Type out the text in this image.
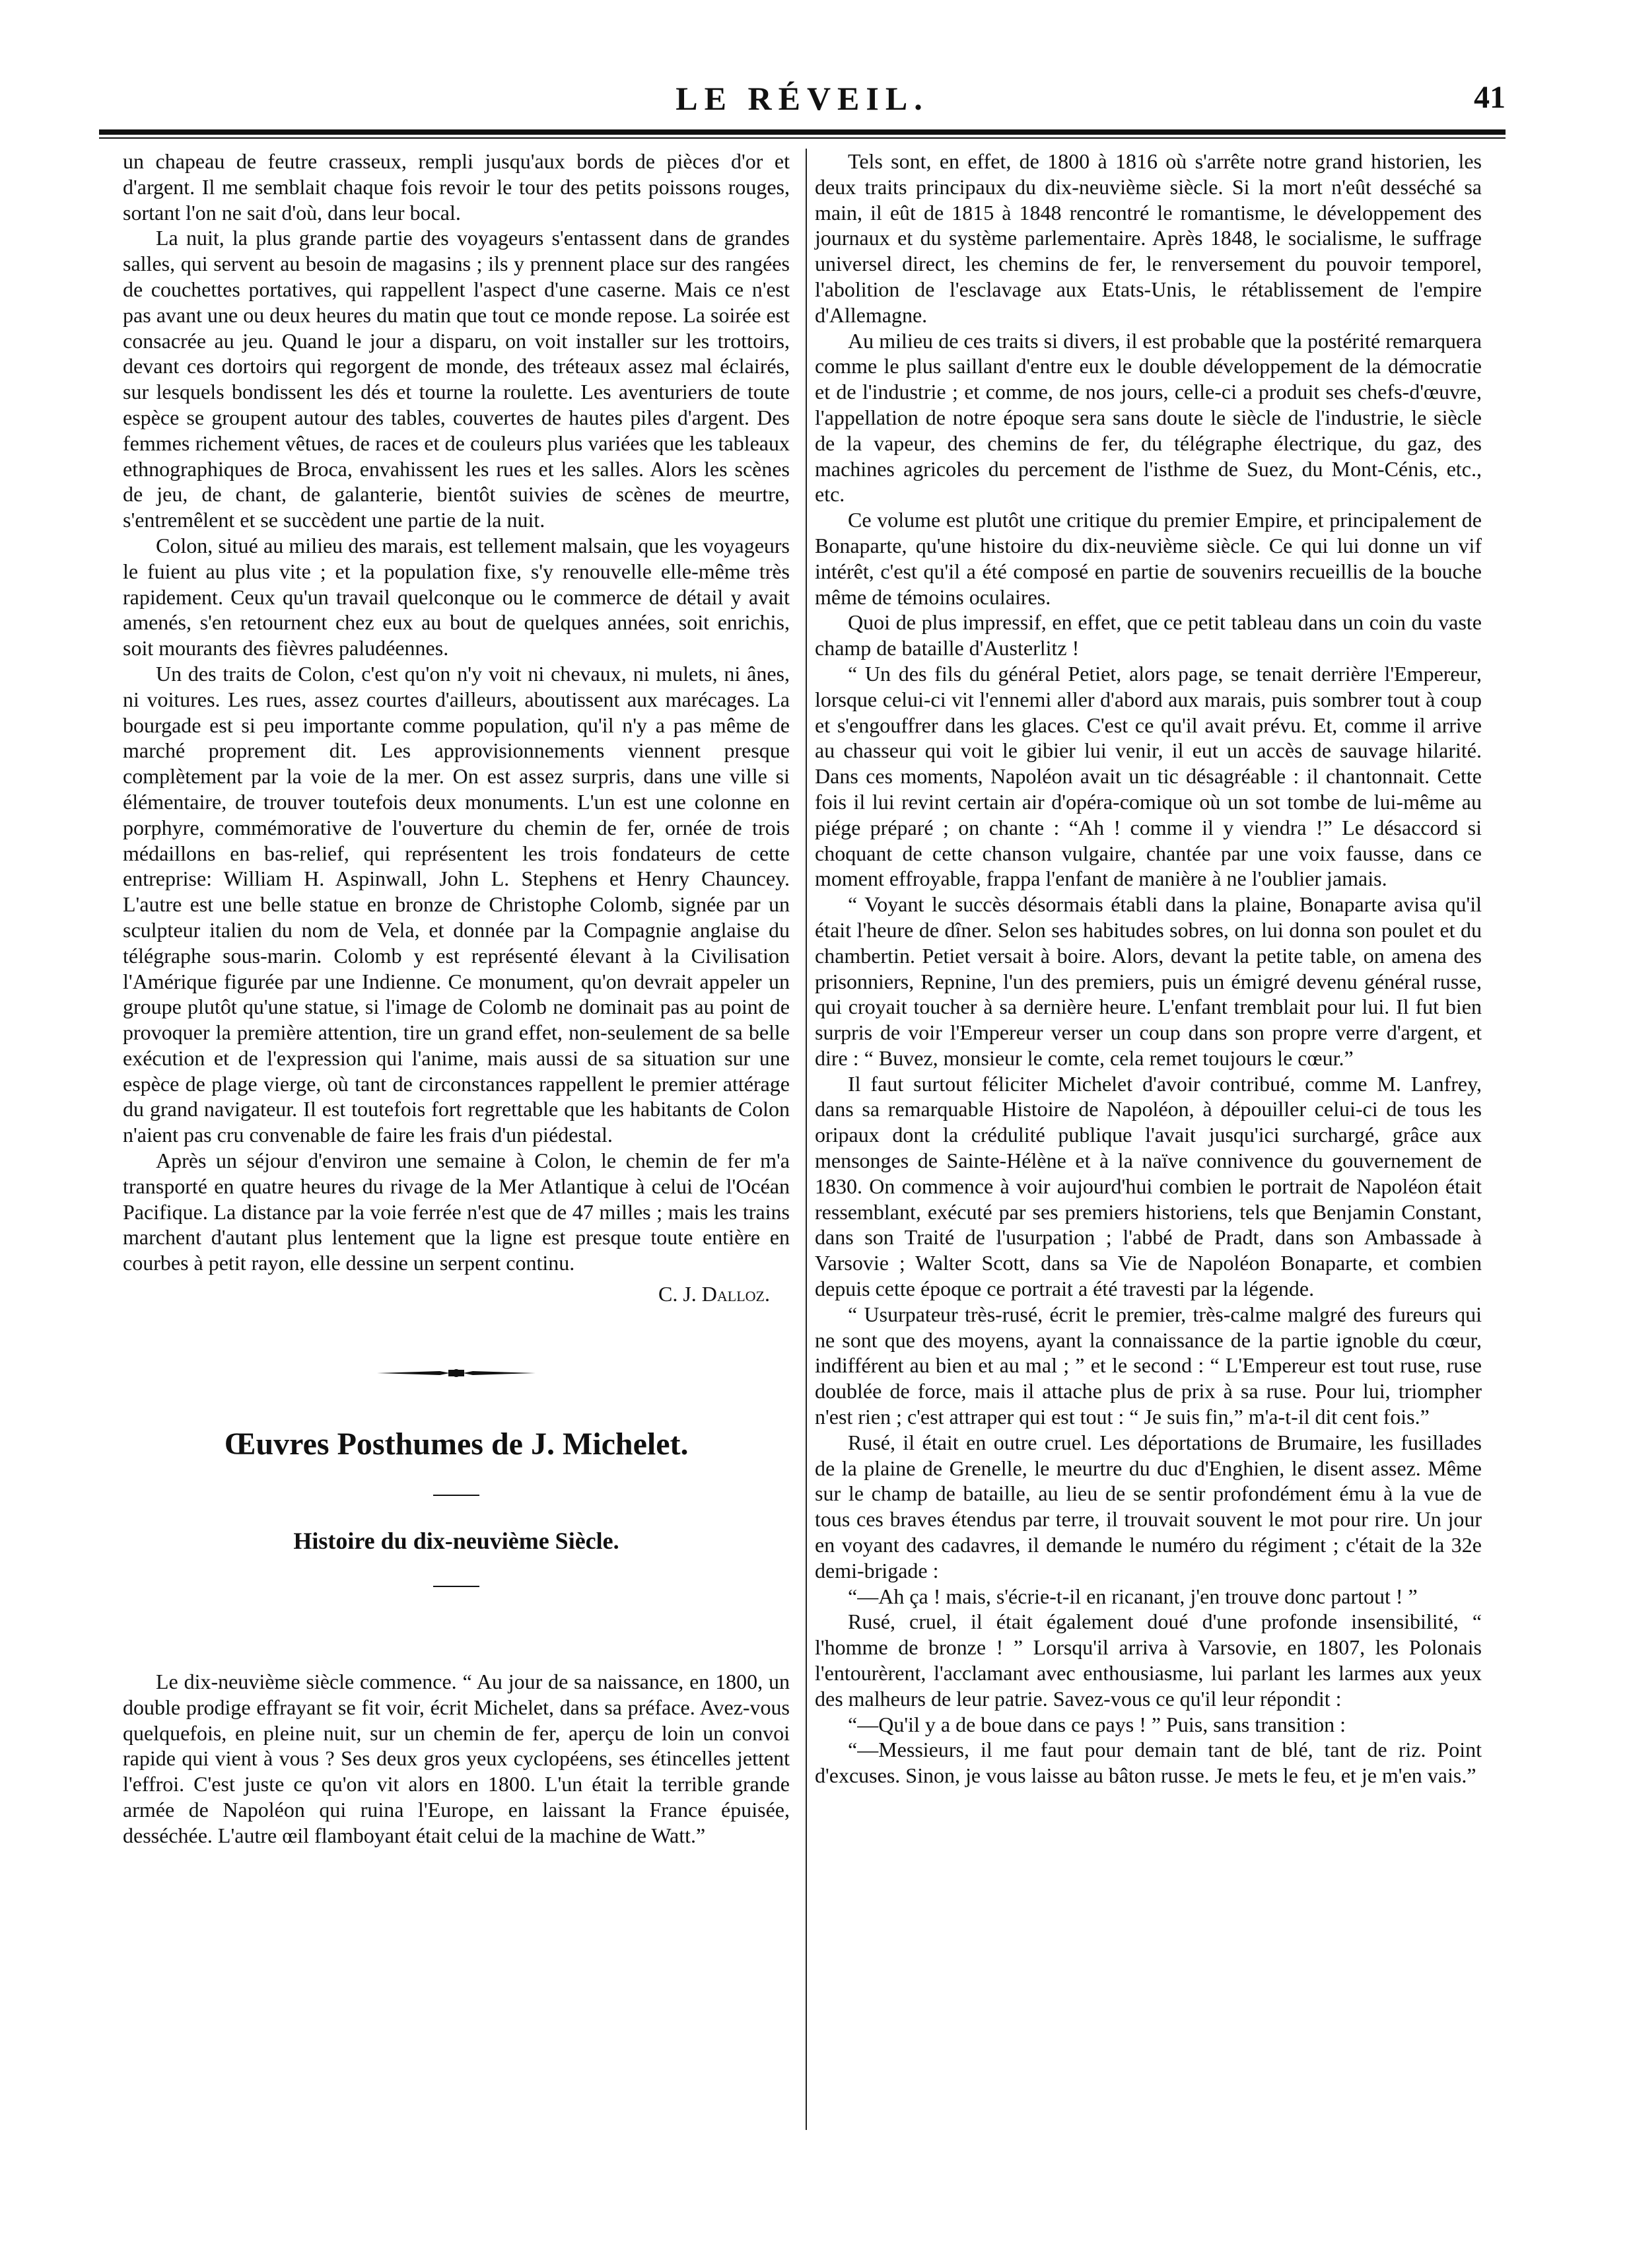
LE RÉVEIL.	41

un chapeau de feutre crasseux, rempli jusqu'aux bords de pièces d'or et d'argent. Il me semblait chaque fois revoir le tour des petits poissons rouges, sortant l'on ne sait d'où, dans leur bocal.

La nuit, la plus grande partie des voyageurs s'entassent dans de grandes salles, qui servent au besoin de magasins ; ils y prennent place sur des rangées de couchettes portatives, qui rappellent l'aspect d'une caserne. Mais ce n'est pas avant une ou deux heures du matin que tout ce monde repose. La soirée est consacrée au jeu. Quand le jour a disparu, on voit installer sur les trottoirs, devant ces dortoirs qui regorgent de monde, des tréteaux assez mal éclairés, sur lesquels bondissent les dés et tourne la roulette. Les aventuriers de toute espèce se groupent autour des tables, couvertes de hautes piles d'argent. Des femmes richement vêtues, de races et de couleurs plus variées que les tableaux ethnographiques de Broca, envahissent les rues et les salles. Alors les scènes de jeu, de chant, de galanterie, bientôt suivies de scènes de meurtre, s'entremêlent et se succèdent une partie de la nuit.

Colon, situé au milieu des marais, est tellement malsain, que les voyageurs le fuient au plus vite ; et la population fixe, s'y renouvelle elle-même très rapidement. Ceux qu'un travail quelconque ou le commerce de détail y avait amenés, s'en retournent chez eux au bout de quelques années, soit enrichis, soit mourants des fièvres paludéennes.

Un des traits de Colon, c'est qu'on n'y voit ni chevaux, ni mulets, ni ânes, ni voitures. Les rues, assez courtes d'ailleurs, aboutissent aux marécages. La bourgade est si peu importante comme population, qu'il n'y a pas même de marché proprement dit. Les approvisionnements viennent presque complètement par la voie de la mer. On est assez surpris, dans une ville si élémentaire, de trouver toutefois deux monuments. L'un est une colonne en porphyre, commémorative de l'ouverture du chemin de fer, ornée de trois médaillons en bas-relief, qui représentent les trois fondateurs de cette entreprise: William H. Aspinwall, John L. Stephens et Henry Chauncey. L'autre est une belle statue en bronze de Christophe Colomb, signée par un sculpteur italien du nom de Vela, et donnée par la Compagnie anglaise du télégraphe sous-marin. Colomb y est représenté élevant à la Civilisation l'Amérique figurée par une Indienne. Ce monument, qu'on devrait appeler un groupe plutôt qu'une statue, si l'image de Colomb ne dominait pas au point de provoquer la première attention, tire un grand effet, non-seulement de sa belle exécution et de l'expression qui l'anime, mais aussi de sa situation sur une espèce de plage vierge, où tant de circonstances rappellent le premier attérage du grand navigateur. Il est toutefois fort regrettable que les habitants de Colon n'aient pas cru convenable de faire les frais d'un piédestal.

Après un séjour d'environ une semaine à Colon, le chemin de fer m'a transporté en quatre heures du rivage de la Mer Atlantique à celui de l'Océan Pacifique. La distance par la voie ferrée n'est que de 47 milles ; mais les trains marchent d'autant plus lentement que la ligne est presque toute entière en courbes à petit rayon, elle dessine un serpent continu.

C. J. Dalloz.
Œuvres Posthumes de J. Michelet.
Histoire du dix-neuvième Siècle.

Le dix-neuvième siècle commence. “ Au jour de sa naissance, en 1800, un double prodige effrayant se fit voir, écrit Michelet, dans sa préface. Avez-vous quelquefois, en pleine nuit, sur un chemin de fer, aperçu de loin un convoi rapide qui vient à vous ? Ses deux gros yeux cyclopéens, ses étincelles jettent l'effroi. C'est juste ce qu'on vit alors en 1800. L'un était la terrible grande armée de Napoléon qui ruina l'Europe, en laissant la France épuisée, desséchée. L'autre œil flamboyant était celui de la machine de Watt.”

Tels sont, en effet, de 1800 à 1816 où s'arrête notre grand historien, les deux traits principaux du dix-neuvième siècle. Si la mort n'eût desséché sa main, il eût de 1815 à 1848 rencontré le romantisme, le développement des journaux et du système parlementaire. Après 1848, le socialisme, le suffrage universel direct, les chemins de fer, le renversement du pouvoir temporel, l'abolition de l'esclavage aux Etats-Unis, le rétablissement de l'empire d'Allemagne.

Au milieu de ces traits si divers, il est probable que la postérité remarquera comme le plus saillant d'entre eux le double développement de la démocratie et de l'industrie ; et comme, de nos jours, celle-ci a produit ses chefs-d'œuvre, l'appellation de notre époque sera sans doute le siècle de l'industrie, le siècle de la vapeur, des chemins de fer, du télégraphe électrique, du gaz, des machines agricoles du percement de l'isthme de Suez, du Mont-Cénis, etc., etc.

Ce volume est plutôt une critique du premier Empire, et principalement de Bonaparte, qu'une histoire du dix-neuvième siècle. Ce qui lui donne un vif intérêt, c'est qu'il a été composé en partie de souvenirs recueillis de la bouche même de témoins oculaires.

Quoi de plus impressif, en effet, que ce petit tableau dans un coin du vaste champ de bataille d'Austerlitz !

“ Un des fils du général Petiet, alors page, se tenait derrière l'Empereur, lorsque celui-ci vit l'ennemi aller d'abord aux marais, puis sombrer tout à coup et s'engouffrer dans les glaces. C'est ce qu'il avait prévu. Et, comme il arrive au chasseur qui voit le gibier lui venir, il eut un accès de sauvage hilarité. Dans ces moments, Napoléon avait un tic désagréable : il chantonnait. Cette fois il lui revint certain air d'opéra-comique où un sot tombe de lui-même au piége préparé ; on chante : “Ah ! comme il y viendra !” Le désaccord si choquant de cette chanson vulgaire, chantée par une voix fausse, dans ce moment effroyable, frappa l'enfant de manière à ne l'oublier jamais.

“ Voyant le succès désormais établi dans la plaine, Bonaparte avisa qu'il était l'heure de dîner. Selon ses habitudes sobres, on lui donna son poulet et du chambertin. Petiet versait à boire. Alors, devant la petite table, on amena des prisonniers, Repnine, l'un des premiers, puis un émigré devenu général russe, qui croyait toucher à sa dernière heure. L'enfant tremblait pour lui. Il fut bien surpris de voir l'Empereur verser un coup dans son propre verre d'argent, et dire : “ Buvez, monsieur le comte, cela remet toujours le cœur.”

Il faut surtout féliciter Michelet d'avoir contribué, comme M. Lanfrey, dans sa remarquable Histoire de Napoléon, à dépouiller celui-ci de tous les oripaux dont la crédulité publique l'avait jusqu'ici surchargé, grâce aux mensonges de Sainte-Hélène et à la naïve connivence du gouvernement de 1830. On commence à voir aujourd'hui combien le portrait de Napoléon était ressemblant, exécuté par ses premiers historiens, tels que Benjamin Constant, dans son Traité de l'usurpation ; l'abbé de Pradt, dans son Ambassade à Varsovie ; Walter Scott, dans sa Vie de Napoléon Bonaparte, et combien depuis cette époque ce portrait a été travesti par la légende.

“ Usurpateur très-rusé, écrit le premier, très-calme malgré des fureurs qui ne sont que des moyens, ayant la connaissance de la partie ignoble du cœur, indifférent au bien et au mal ; ” et le second : “ L'Empereur est tout ruse, ruse doublée de force, mais il attache plus de prix à sa ruse. Pour lui, triompher n'est rien ; c'est attraper qui est tout : “ Je suis fin,” m'a-t-il dit cent fois.”

Rusé, il était en outre cruel. Les déportations de Brumaire, les fusillades de la plaine de Grenelle, le meurtre du duc d'Enghien, le disent assez. Même sur le champ de bataille, au lieu de se sentir profondément ému à la vue de tous ces braves étendus par terre, il trouvait souvent le mot pour rire. Un jour en voyant des cadavres, il demande le numéro du régiment ; c'était de la 32e demi-brigade :

“—Ah ça ! mais, s'écrie-t-il en ricanant, j'en trouve donc partout ! ”

Rusé, cruel, il était également doué d'une profonde insensibilité, “ l'homme de bronze ! ” Lorsqu'il arriva à Varsovie, en 1807, les Polonais l'entourèrent, l'acclamant avec enthousiasme, lui parlant les larmes aux yeux des malheurs de leur patrie. Savez-vous ce qu'il leur répondit :

“—Qu'il y a de boue dans ce pays ! ” Puis, sans transition :

“—Messieurs, il me faut pour demain tant de blé, tant de riz. Point d'excuses. Sinon, je vous laisse au bâton russe. Je mets le feu, et je m'en vais.”
